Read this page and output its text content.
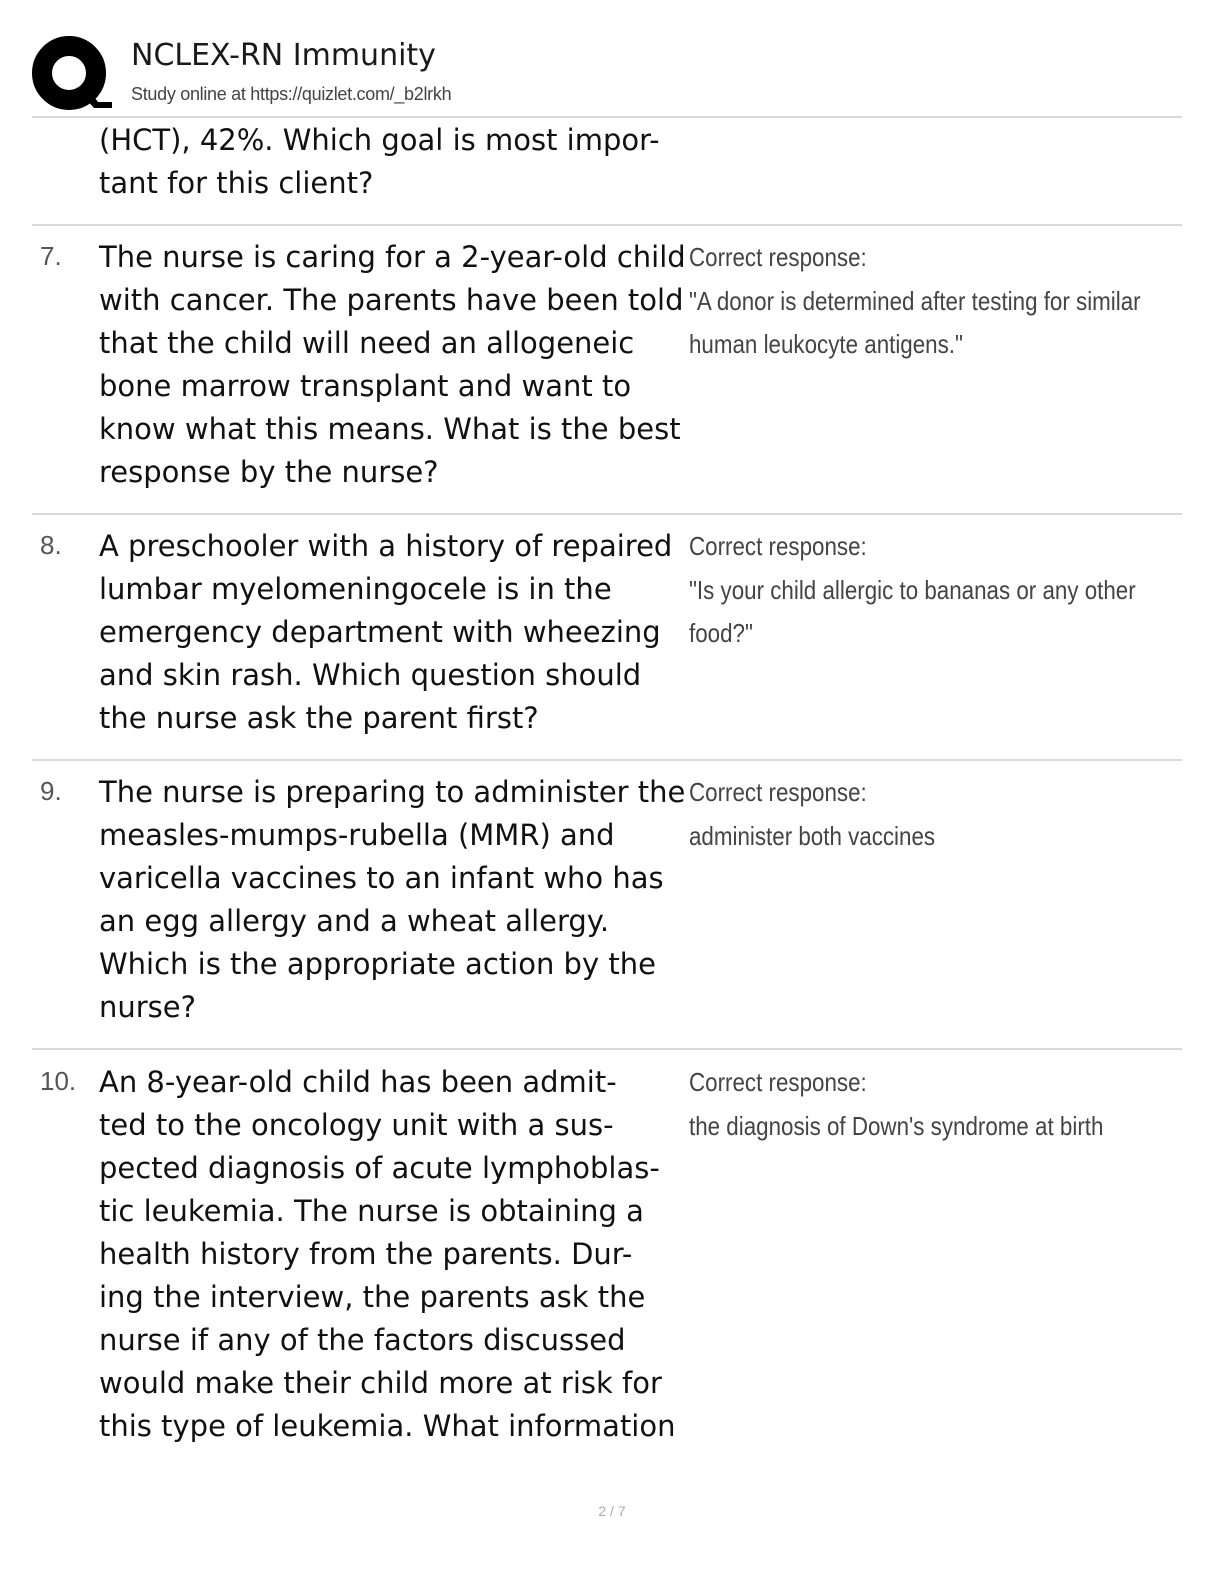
NCLEX-RN Immunity
Study online at https://quizlet.com/_b2lrkh
(HCT), 42%. Which goal is most impor-
tant for this client?
7. The nurse is caring for a 2-year-old child with cancer. The parents have been told that the child will need an allogeneic bone marrow transplant and want to know what this means. What is the best response by the nurse?
Correct response:
"A donor is determined after testing for similar human leukocyte antigens."
8. A preschooler with a history of repaired lumbar myelomeningocele is in the emergency department with wheezing and skin rash. Which question should the nurse ask the parent first?
Correct response:
"Is your child allergic to bananas or any other food?"
9. The nurse is preparing to administer the measles-mumps-rubella (MMR) and varicella vaccines to an infant who has an egg allergy and a wheat allergy. Which is the appropriate action by the nurse?
Correct response:
administer both vaccines
10. An 8-year-old child has been admit-
ted to the oncology unit with a sus-
pected diagnosis of acute lymphoblas-
tic leukemia. The nurse is obtaining a health history from the parents. Dur-
ing the interview, the parents ask the nurse if any of the factors discussed would make their child more at risk for this type of leukemia. What information
Correct response:
the diagnosis of Down's syndrome at birth
2 / 7
